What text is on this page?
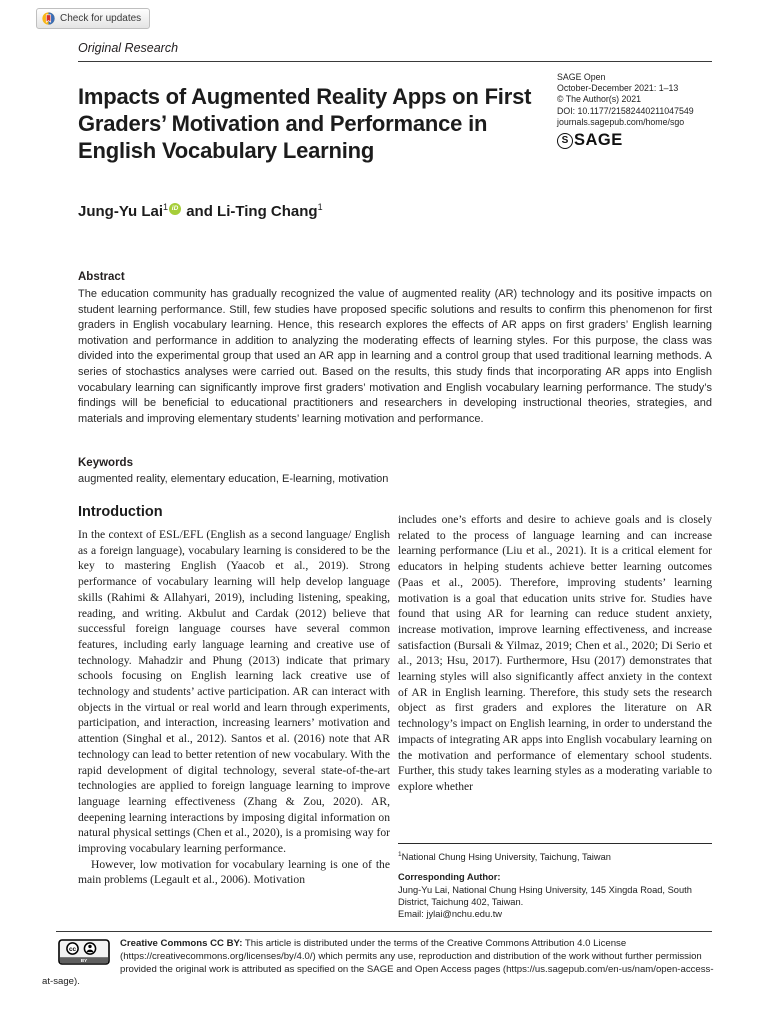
Check for updates
Original Research
Impacts of Augmented Reality Apps on First Graders’ Motivation and Performance in English Vocabulary Learning
SAGE Open
October-December 2021: 1–13
© The Author(s) 2021
DOI: 10.1177/21582440211047549
journals.sagepub.com/home/sgo
S SAGE
Jung-Yu Lai$^1$ iD and Li-Ting Chang$^1$
Abstract
The education community has gradually recognized the value of augmented reality (AR) technology and its positive impacts on student learning performance. Still, few studies have proposed specific solutions and results to confirm this phenomenon for first graders in English vocabulary learning. Hence, this research explores the effects of AR apps on first graders’ English learning motivation and performance in addition to analyzing the moderating effects of learning styles. For this purpose, the class was divided into the experimental group that used an AR app in learning and a control group that used traditional learning methods. A series of stochastics analyses were carried out. Based on the results, this study finds that incorporating AR apps into English vocabulary learning can significantly improve first graders’ motivation and English vocabulary learning performance. The study’s findings will be beneficial to educational practitioners and researchers in developing instructional theories, strategies, and materials and improving elementary students’ learning motivation and performance.
Keywords
augmented reality, elementary education, E-learning, motivation
Introduction

In the context of ESL/EFL (English as a second language/ English as a foreign language), vocabulary learning is considered to be the key to mastering English (Yaacob et al., 2019). Strong performance of vocabulary learning will help develop language skills (Rahimi & Allahyari, 2019), including listening, speaking, reading, and writing. Akbulut and Cardak (2012) believe that successful foreign language courses have several common features, including early language learning and creative use of technology. Mahadzir and Phung (2013) indicate that primary schools focusing on English learning lack creative use of technology and students’ active participation. AR can interact with objects in the virtual or real world and learn through experiments, participation, and interaction, increasing learners’ motivation and attention (Singhal et al., 2012). Santos et al. (2016) note that AR technology can lead to better retention of new vocabulary. With the rapid development of digital technology, several state-of-the-art technologies are applied to foreign language learning to improve language learning effectiveness (Zhang & Zou, 2020). AR, deepening learning interactions by imposing digital information on natural physical settings (Chen et al., 2020), is a promising way for improving vocabulary learning performance.

However, low motivation for vocabulary learning is one of the main problems (Legault et al., 2006). Motivation

includes one’s efforts and desire to achieve goals and is closely related to the process of language learning and can increase learning performance (Liu et al., 2021). It is a critical element for educators in helping students achieve better learning outcomes (Paas et al., 2005). Therefore, improving students’ learning motivation is a goal that education units strive for. Studies have found that using AR for learning can reduce student anxiety, increase motivation, improve learning effectiveness, and increase satisfaction (Bursali & Yilmaz, 2019; Chen et al., 2020; Di Serio et al., 2013; Hsu, 2017). Furthermore, Hsu (2017) demonstrates that learning styles will also significantly affect anxiety in the context of AR in English learning. Therefore, this study sets the research object as first graders and explores the literature on AR technology’s impact on English learning, in order to understand the impacts of integrating AR apps into English vocabulary learning on the motivation and performance of elementary school students. Further, this study takes learning styles as a moderating variable to explore whether

$^1$National Chung Hsing University, Taichung, Taiwan
Corresponding Author:
Jung-Yu Lai, National Chung Hsing University, 145 Xingda Road, South District, Taichung 402, Taiwan.
Email: jylai@nchu.edu.tw
cc
BY
Creative Commons CC BY: This article is distributed under the terms of the Creative Commons Attribution 4.0 License (https://creativecommons.org/licenses/by/4.0/) which permits any use, reproduction and distribution of the work without further permission provided the original work is attributed as specified on the SAGE and Open Access pages (https://us.sagepub.com/en-us/nam/open-access-at-sage).
